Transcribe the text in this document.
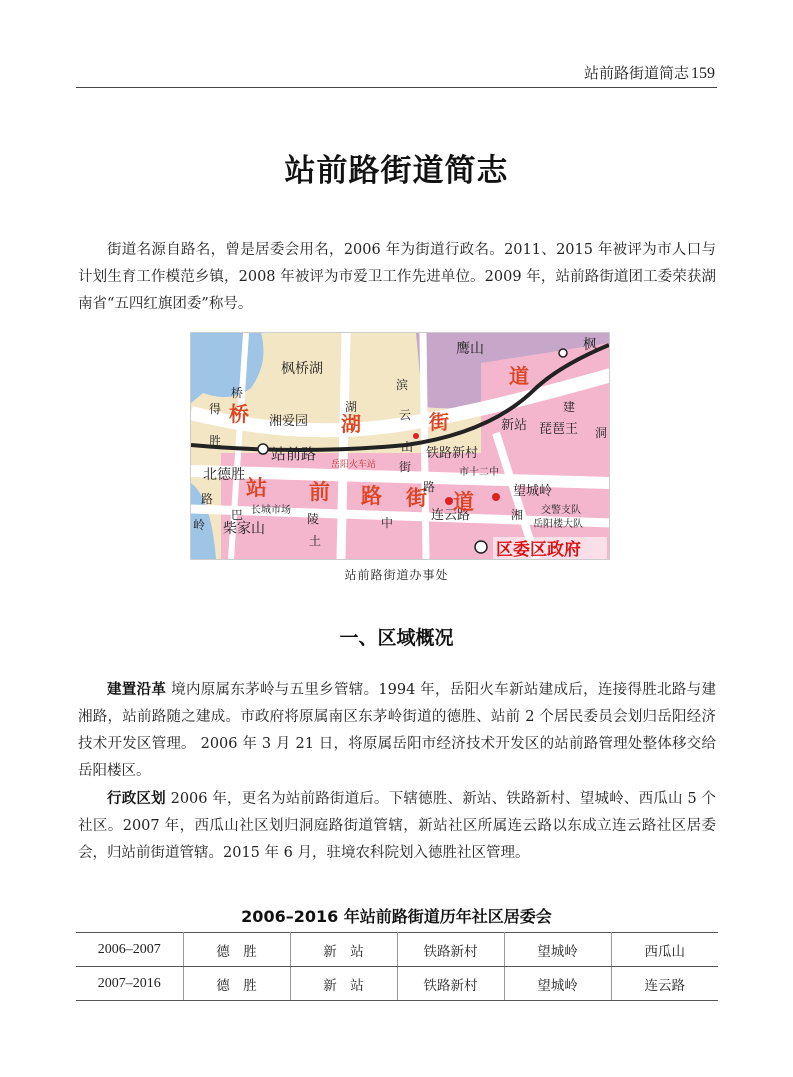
站前路街道简志 159
站前路街道简志

街道名源自路名，曾是居委会用名，2006 年为街道行政名。2011、2015 年被评为市人口与计划生育工作模范乡镇，2008 年被评为市爱卫工作先进单位。2009 年，站前路街道团工委荣获湖南省“五四红旗团委”称号。

枫桥湖
鹰山	枫
湘爱园
站前路
新站 琵琶王
铁路新村
岳阳火车站
市十二中
北德胜
望城岭
长城市场	交警支队
岳阳楼大队
柴家山
连云路
区委区政府
桥	湖	街
道
站 前 路 街 道
桥
得
胜
路
湖
滨
云
山
街
建
湘
巴	陵	中
路
岭
土
洞
站前路街道办事处
一、区域概况

建置沿革 境内原属东茅岭与五里乡管辖。1994 年，岳阳火车新站建成后，连接得胜北路与建湘路，站前路随之建成。市政府将原属南区东茅岭街道的德胜、站前 2 个居民委员会划归岳阳经济技术开发区管理。 2006 年 3 月 21 日，将原属岳阳市经济技术开发区的站前路管理处整体移交给岳阳楼区。

行政区划 2006 年，更名为站前路街道后。下辖德胜、新站、铁路新村、望城岭、西瓜山 5 个社区。2007 年，西瓜山社区划归洞庭路街道管辖，新站社区所属连云路以东成立连云路社区居委会，归站前街道管辖。2015 年 6 月，驻境农科院划入德胜社区管理。

2006–2016 年站前路街道历年社区居委会
2006–2007	德　胜	新　站	铁路新村	望城岭	西瓜山
2007–2016	德　胜	新　站	铁路新村	望城岭	连云路
